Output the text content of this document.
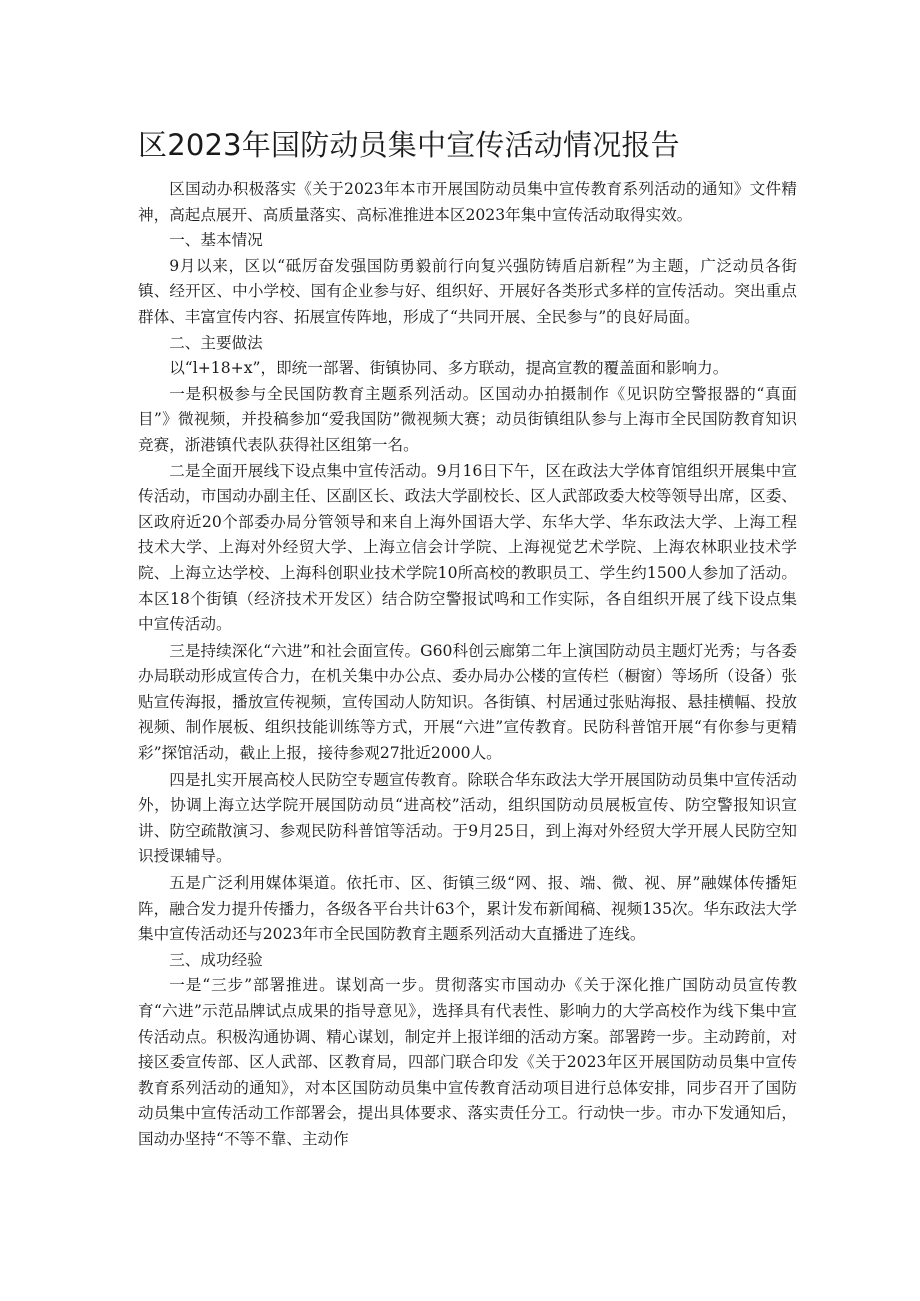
区2023年国防动员集中宣传活动情况报告

区国动办积极落实《关于2023年本市开展国防动员集中宣传教育系列活动的通知》文件精神，高起点展开、高质量落实、高标准推进本区2023年集中宣传活动取得实效。

一、基本情况

9月以来，区以“砥厉奋发强国防勇毅前行向复兴强防铸盾启新程”为主题，广泛动员各街镇、经开区、中小学校、国有企业参与好、组织好、开展好各类形式多样的宣传活动。突出重点群体、丰富宣传内容、拓展宣传阵地，形成了“共同开展、全民参与”的良好局面。

二、主要做法

以“l+18+x”，即统一部署、街镇协同、多方联动，提高宣教的覆盖面和影响力。

一是积极参与全民国防教育主题系列活动。区国动办拍摄制作《见识防空警报器的“真面目”》微视频，并投稿参加“爱我国防”微视频大赛；动员街镇组队参与上海市全民国防教育知识竞赛，浙港镇代表队获得社区组第一名。

二是全面开展线下设点集中宣传活动。9月16日下午，区在政法大学体育馆组织开展集中宣传活动，市国动办副主任、区副区长、政法大学副校长、区人武部政委大校等领导出席，区委、区政府近20个部委办局分管领导和来自上海外国语大学、东华大学、华东政法大学、上海工程技术大学、上海对外经贸大学、上海立信会计学院、上海视觉艺术学院、上海农林职业技术学院、上海立达学校、上海科创职业技术学院10所高校的教职员工、学生约1500人参加了活动。本区18个街镇（经济技术开发区）结合防空警报试鸣和工作实际，各自组织开展了线下设点集中宣传活动。

三是持续深化“六进”和社会面宣传。G60科创云廊第二年上演国防动员主题灯光秀；与各委办局联动形成宣传合力，在机关集中办公点、委办局办公楼的宣传栏（橱窗）等场所（设备）张贴宣传海报，播放宣传视频，宣传国动人防知识。各街镇、村居通过张贴海报、悬挂横幅、投放视频、制作展板、组织技能训练等方式，开展“六进”宣传教育。民防科普馆开展“有你参与更精彩”探馆活动，截止上报，接待参观27批近2000人。

四是扎实开展高校人民防空专题宣传教育。除联合华东政法大学开展国防动员集中宣传活动外，协调上海立达学院开展国防动员“进高校”活动，组织国防动员展板宣传、防空警报知识宣讲、防空疏散演习、参观民防科普馆等活动。于9月25日，到上海对外经贸大学开展人民防空知识授课辅导。

五是广泛利用媒体渠道。依托市、区、街镇三级“网、报、端、微、视、屏”融媒体传播矩阵，融合发力提升传播力，各级各平台共计63个，累计发布新闻稿、视频135次。华东政法大学集中宣传活动还与2023年市全民国防教育主题系列活动大直播进了连线。

三、成功经验

一是“三步”部署推进。谋划高一步。贯彻落实市国动办《关于深化推广国防动员宣传教育“六进”示范品牌试点成果的指导意见》，选择具有代表性、影响力的大学高校作为线下集中宣传活动点。积极沟通协调、精心谋划，制定并上报详细的活动方案。部署跨一步。主动跨前，对接区委宣传部、区人武部、区教育局，四部门联合印发《关于2023年区开展国防动员集中宣传教育系列活动的通知》，对本区国防动员集中宣传教育活动项目进行总体安排，同步召开了国防动员集中宣传活动工作部署会，提出具体要求、落实责任分工。行动快一步。市办下发通知后，国动办坚持“不等不靠、主动作
